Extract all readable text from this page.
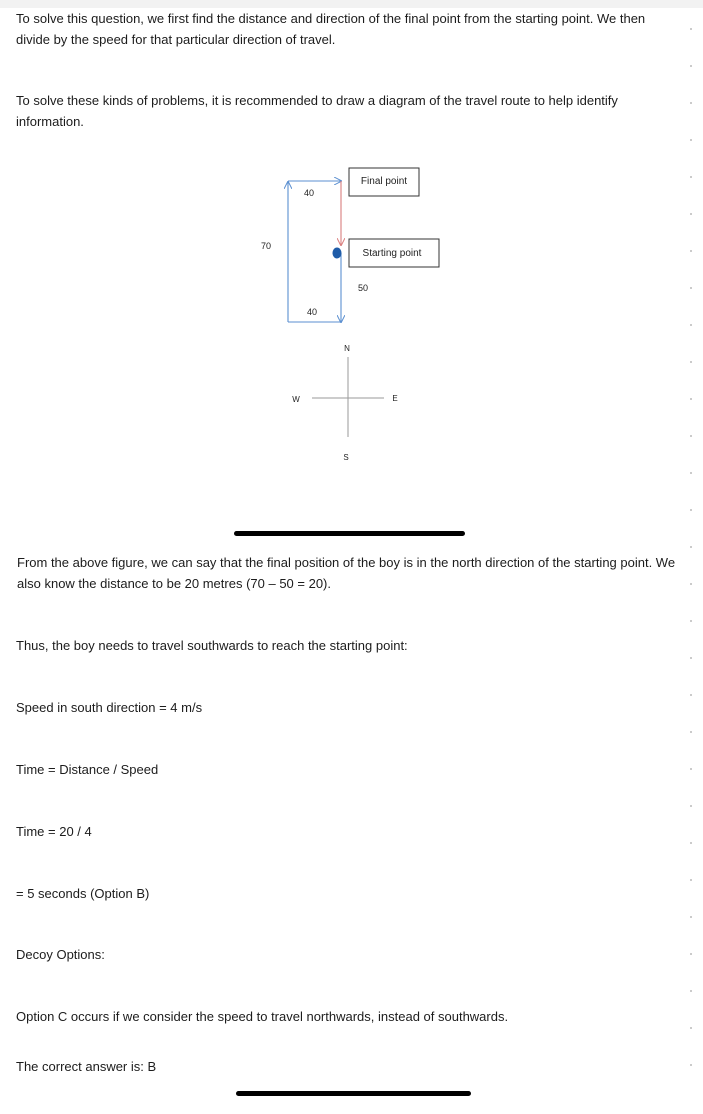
To solve this question, we first find the distance and direction of the final point from the starting point. We then divide by the speed for that particular direction of travel.

To solve these kinds of problems, it is recommended to draw a diagram of the travel route to help identify information.

40
70
40
50
Final point
Starting point
N
S
W	E

From the above figure, we can say that the final position of the boy is in the north direction of the starting point. We also know the distance to be 20 metres (70 – 50 = 20).

Thus, the boy needs to travel southwards to reach the starting point:

Speed in south direction = 4 m/s

Time = Distance / Speed

Time = 20 / 4

= 5 seconds (Option B)

Decoy Options:

Option C occurs if we consider the speed to travel northwards, instead of southwards.

The correct answer is: B
